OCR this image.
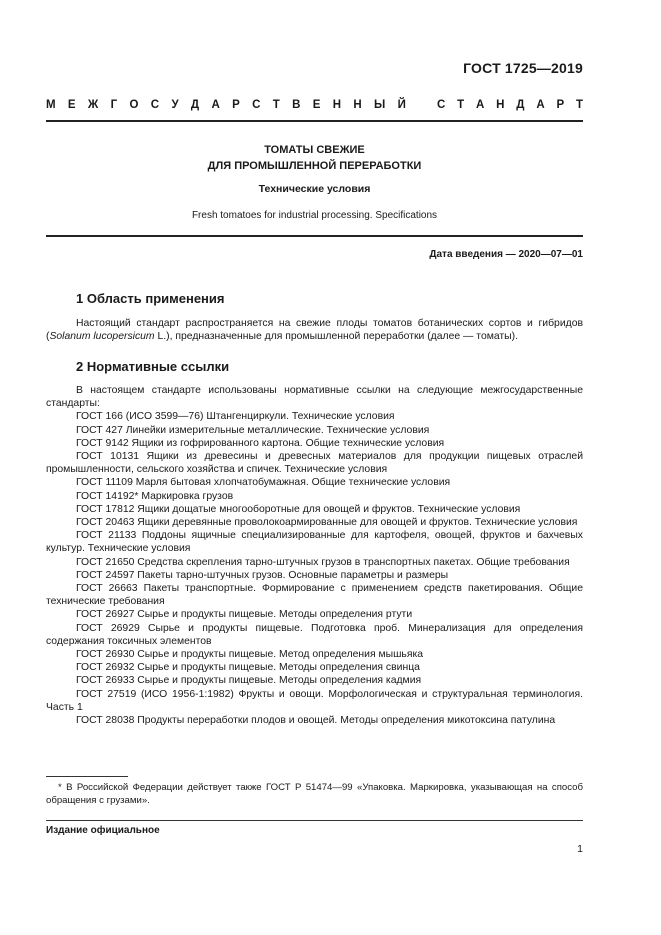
ГОСТ 1725—2019
М Е Ж Г О С У Д А Р С Т В Е Н Н Ы Й	С Т А Н Д А Р Т
ТОМАТЫ СВЕЖИЕ
ДЛЯ ПРОМЫШЛЕННОЙ ПЕРЕРАБОТКИ
Технические условия
Fresh tomatoes for industrial processing. Specifications
Дата введения — 2020—07—01
1 Область применения
Настоящий стандарт распространяется на свежие плоды томатов ботанических сортов и гибридов (Solanum lucopersicum L.), предназначенные для промышленной переработки (далее — томаты).
2 Нормативные ссылки
В настоящем стандарте использованы нормативные ссылки на следующие межгосударственные стандарты:
ГОСТ 166 (ИСО 3599—76) Штангенциркули. Технические условия
ГОСТ 427 Линейки измерительные металлические. Технические условия
ГОСТ 9142 Ящики из гофрированного картона. Общие технические условия
ГОСТ 10131 Ящики из древесины и древесных материалов для продукции пищевых отраслей промышленности, сельского хозяйства и спичек. Технические условия
ГОСТ 11109 Марля бытовая хлопчатобумажная. Общие технические условия
ГОСТ 14192* Маркировка грузов
ГОСТ 17812 Ящики дощатые многооборотные для овощей и фруктов. Технические условия
ГОСТ 20463 Ящики деревянные проволокоармированные для овощей и фруктов. Технические условия
ГОСТ 21133 Поддоны ящичные специализированные для картофеля, овощей, фруктов и бахчевых культур. Технические условия
ГОСТ 21650 Средства скрепления тарно-штучных грузов в транспортных пакетах. Общие требования
ГОСТ 24597 Пакеты тарно-штучных грузов. Основные параметры и размеры
ГОСТ 26663 Пакеты транспортные. Формирование с применением средств пакетирования. Общие технические требования
ГОСТ 26927 Сырье и продукты пищевые. Методы определения ртути
ГОСТ 26929 Сырье и продукты пищевые. Подготовка проб. Минерализация для определения содержания токсичных элементов
ГОСТ 26930 Сырье и продукты пищевые. Метод определения мышьяка
ГОСТ 26932 Сырье и продукты пищевые. Методы определения свинца
ГОСТ 26933 Сырье и продукты пищевые. Методы определения кадмия
ГОСТ 27519 (ИСО 1956-1:1982) Фрукты и овощи. Морфологическая и структуральная терминология. Часть 1
ГОСТ 28038 Продукты переработки плодов и овощей. Методы определения микотоксина патулина
* В Российской Федерации действует также ГОСТ Р 51474—99 «Упаковка. Маркировка, указывающая на способ обращения с грузами».
Издание официальное
1
